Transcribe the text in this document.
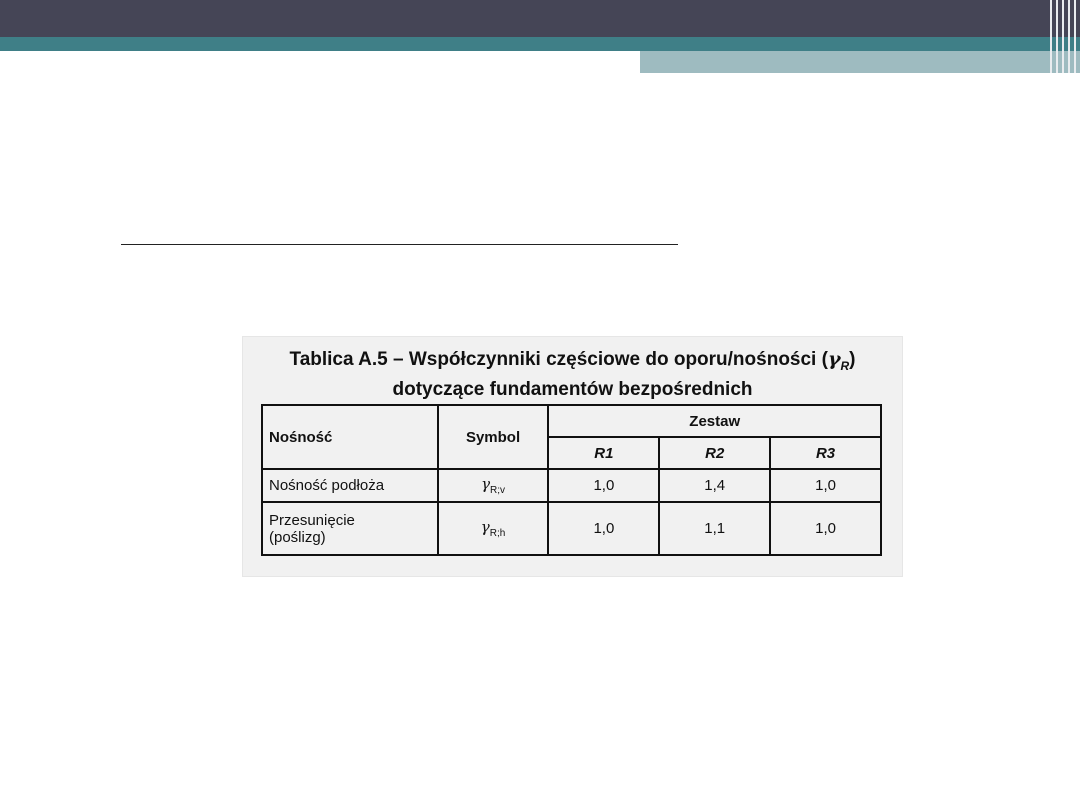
Tablica A.5 – Współczynniki częściowe do oporu/nośności $(\gamma_R)$
dotyczące fundamentów bezpośrednich
Nośność	Symbol	Zestaw		
		R1	R2	R3
Nośność podłoża	$\gamma_{R;v}$	1,0	1,4	1,0

Przesunięcie
(poślizg)	$\gamma_{R;h}$	1,0	1,1	1,0
